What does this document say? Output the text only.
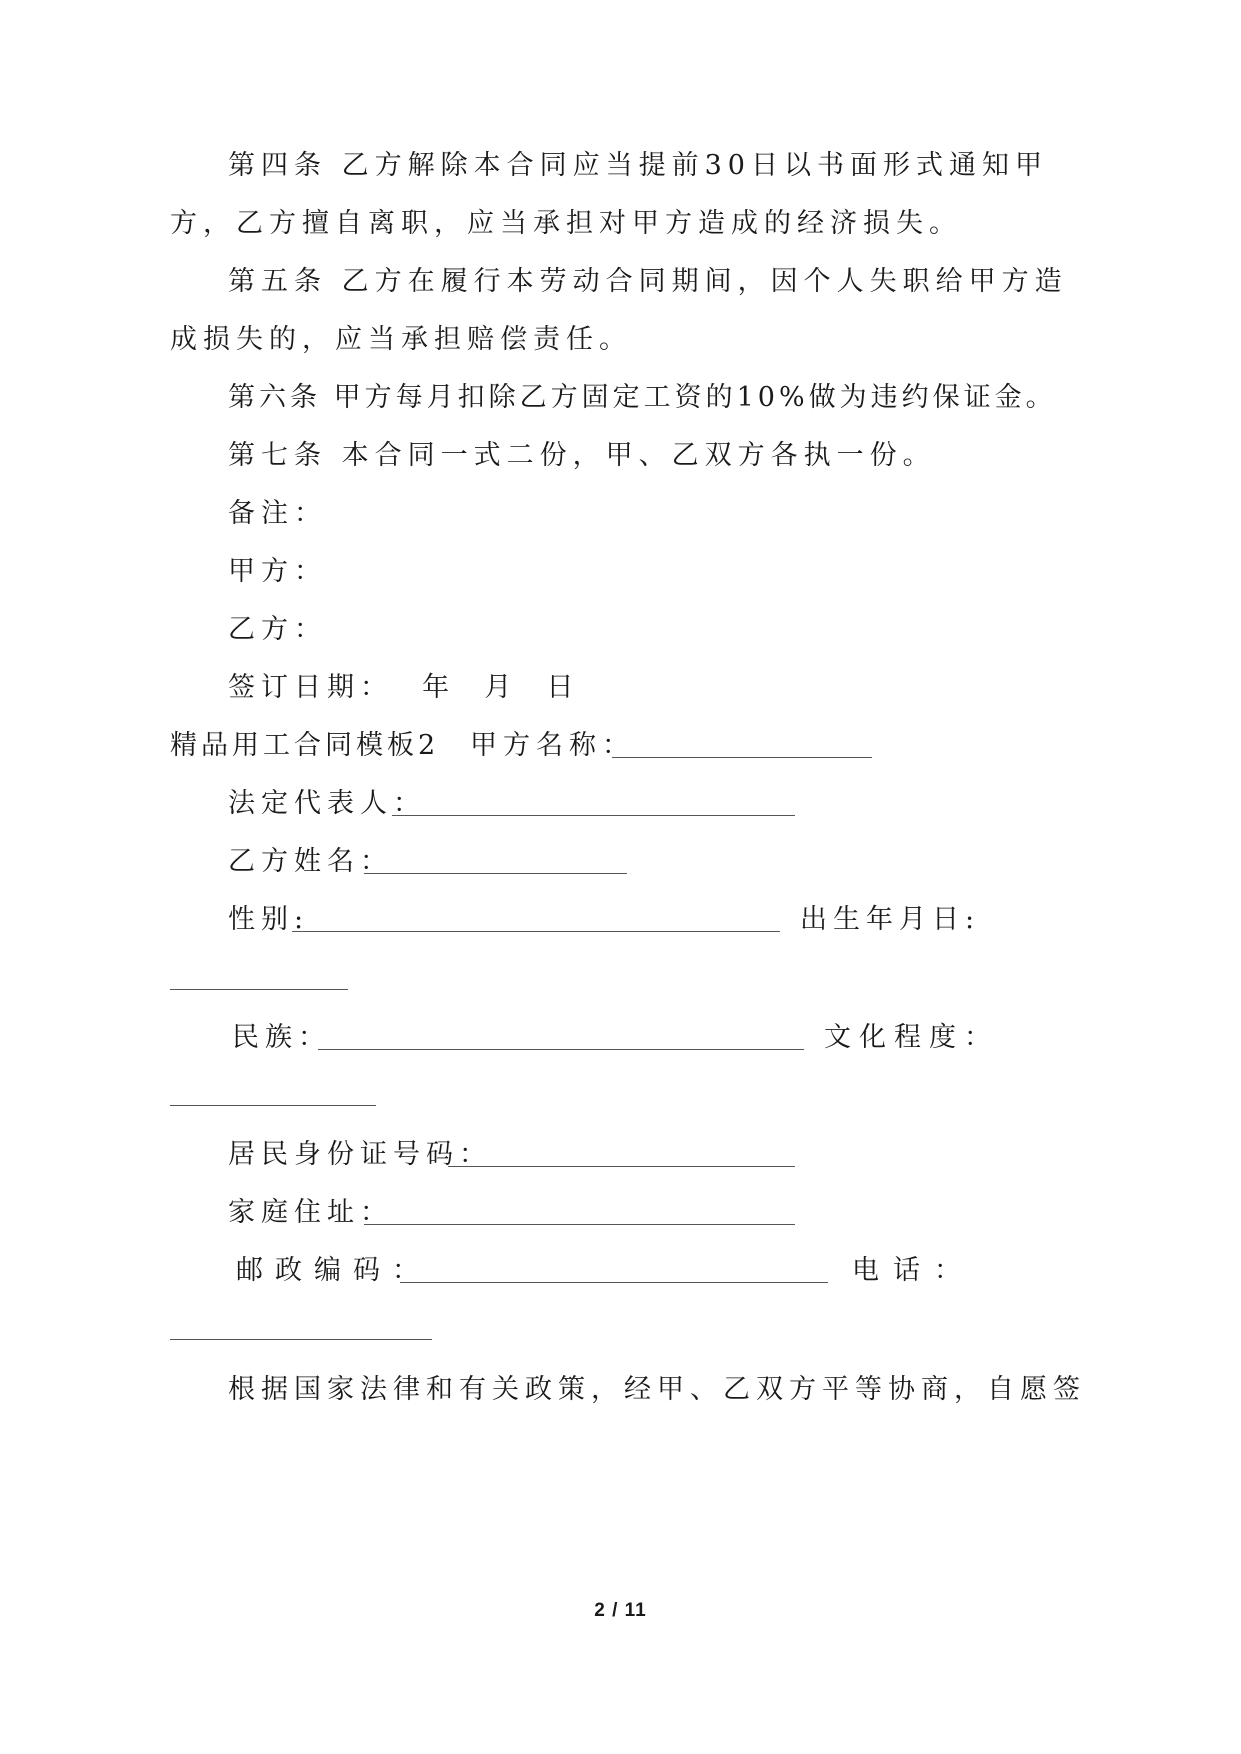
第四条 乙方解除本合同应当提前30日以书面形式通知甲
方，乙方擅自离职，应当承担对甲方造成的经济损失。
第五条 乙方在履行本劳动合同期间，因个人失职给甲方造
成损失的，应当承担赔偿责任。
第六条 甲方每月扣除乙方固定工资的10%做为违约保证金。
第七条 本合同一式二份，甲、乙双方各执一份。
备注：
甲方：
乙方：
签订日期：  年  月  日
精品用工合同模板2 甲方名称：
法定代表人：
乙方姓名：
性别:	出生年月日:
民族：	文化程度：
居民身份证号码：
家庭住址：
邮政编码：	电话：
根据国家法律和有关政策，经甲、乙双方平等协商，自愿签
2 / 11
